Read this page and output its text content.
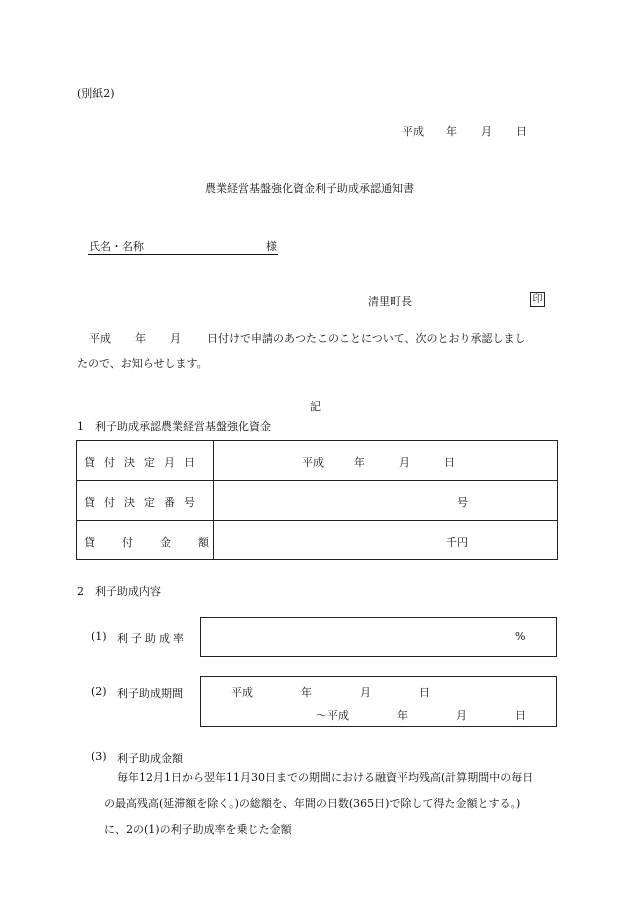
(別紙2)
平成 年 月 日
農業経営基盤強化資金利子助成承認通知書
氏名・名称	様
清里町長	印
平成 年 月 日付けで申請のあつたこのことについて、次のとおり承認しまし
たので、お知らせします。
記
1　利子助成承認農業経営基盤強化資金
貸付決定月日	平成	年	月	日
貸付決定番号	号
貸付金額	千円
2　利子助成内容
(1) 利子助成率	%
(2) 利子助成期間	平成	年	月	日
～平成	年	月	日
(3) 利子助成金額
毎年12月1日から翌年11月30日までの期間における融資平均残高(計算期間中の毎日
の最高残高(延滞額を除く。)の総額を、年間の日数(365日)で除して得た金額とする。)
に、2の(1)の利子助成率を乗じた金額
